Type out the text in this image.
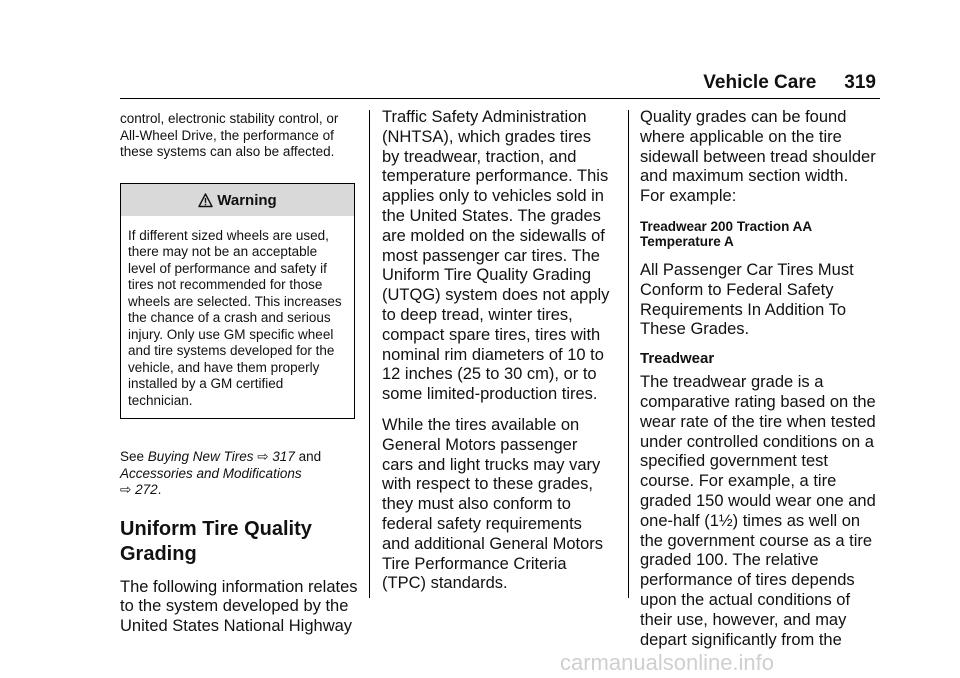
Vehicle Care 319

control, electronic stability control, or All-Wheel Drive, the performance of these systems can also be affected.

Warning
If different sized wheels are used, there may not be an acceptable level of performance and safety if tires not recommended for those wheels are selected. This increases the chance of a crash and serious injury. Only use GM specific wheel and tire systems developed for the vehicle, and have them properly installed by a GM certified technician.
See Buying New Tires ⇨ 317 and Accessories and Modifications
⇨ 272.
Uniform Tire Quality Grading

The following information relates to the system developed by the United States National Highway

Traffic Safety Administration (NHTSA), which grades tires by treadwear, traction, and temperature performance. This applies only to vehicles sold in the United States. The grades are molded on the sidewalls of most passenger car tires. The Uniform Tire Quality Grading (UTQG) system does not apply to deep tread, winter tires, compact spare tires, tires with nominal rim diameters of 10 to 12 inches (25 to 30 cm), or to some limited-production tires.

While the tires available on General Motors passenger cars and light trucks may vary with respect to these grades, they must also conform to federal safety requirements and additional General Motors Tire Performance Criteria (TPC) standards.

Quality grades can be found where applicable on the tire sidewall between tread shoulder and maximum section width. For example:

Treadwear 200 Traction AA Temperature A

All Passenger Car Tires Must Conform to Federal Safety Requirements In Addition To These Grades.

Treadwear

The treadwear grade is a comparative rating based on the wear rate of the tire when tested under controlled conditions on a specified government test course. For example, a tire graded 150 would wear one and one-half (1½) times as well on the government course as a tire graded 100. The relative performance of tires depends upon the actual conditions of their use, however, and may depart significantly from the

carmanualsonline.info
